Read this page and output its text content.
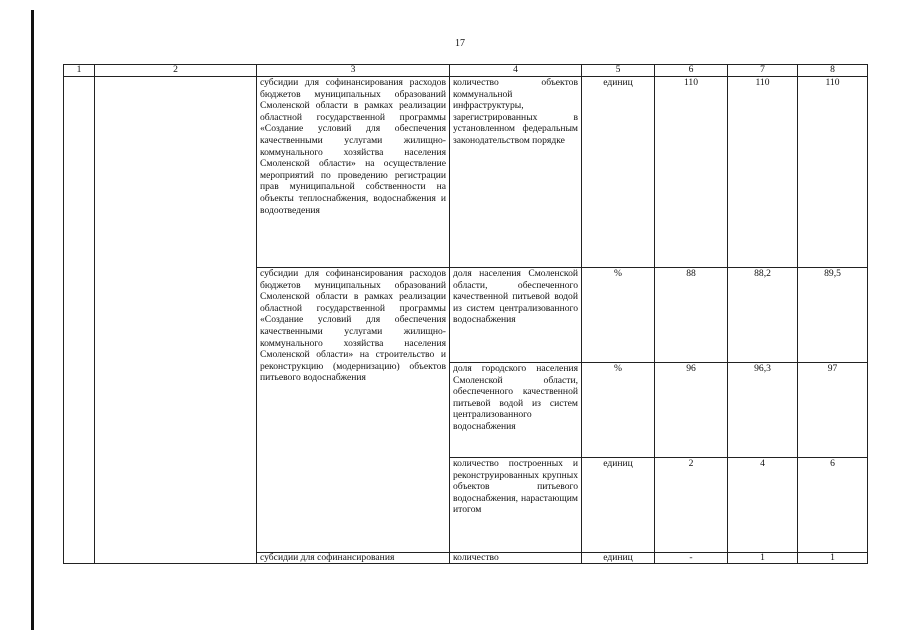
17
1	2	3	4	5	6	7	8
		субсидии для софинансирования расходов бюджетов муниципальных образований Смоленской области в рамках реализации областной государственной программы «Создание условий для обеспечения качественными услугами жилищно-коммунального хозяйства населения Смоленской области» на осуществление мероприятий по проведению регистрации прав муниципальной собственности на объекты теплоснабжения, водоснабжения и водоотведения	количество объектов коммунальной инфраструктуры, зарегистрированных в установленном федеральным законодательством порядке	единиц	110	110	110
		субсидии для софинансирования расходов бюджетов муниципальных образований Смоленской области в рамках реализации областной государственной программы «Создание условий для обеспечения качественными услугами жилищно-коммунального хозяйства населения Смоленской области» на строительство и реконструкцию (модернизацию) объектов питьевого водоснабжения	доля населения Смоленской области, обеспеченного качественной питьевой водой из систем централизованного водоснабжения	%	88	88,2	89,5
			доля городского населения Смоленской области, обеспеченного качественной питьевой водой из систем централизованного водоснабжения	%	96	96,3	97
			количество построенных и реконструированных крупных объектов питьевого водоснабжения, нарастающим итогом	единиц	2	4	6
		субсидии для софинансирования	количество	единиц	-	1	1
